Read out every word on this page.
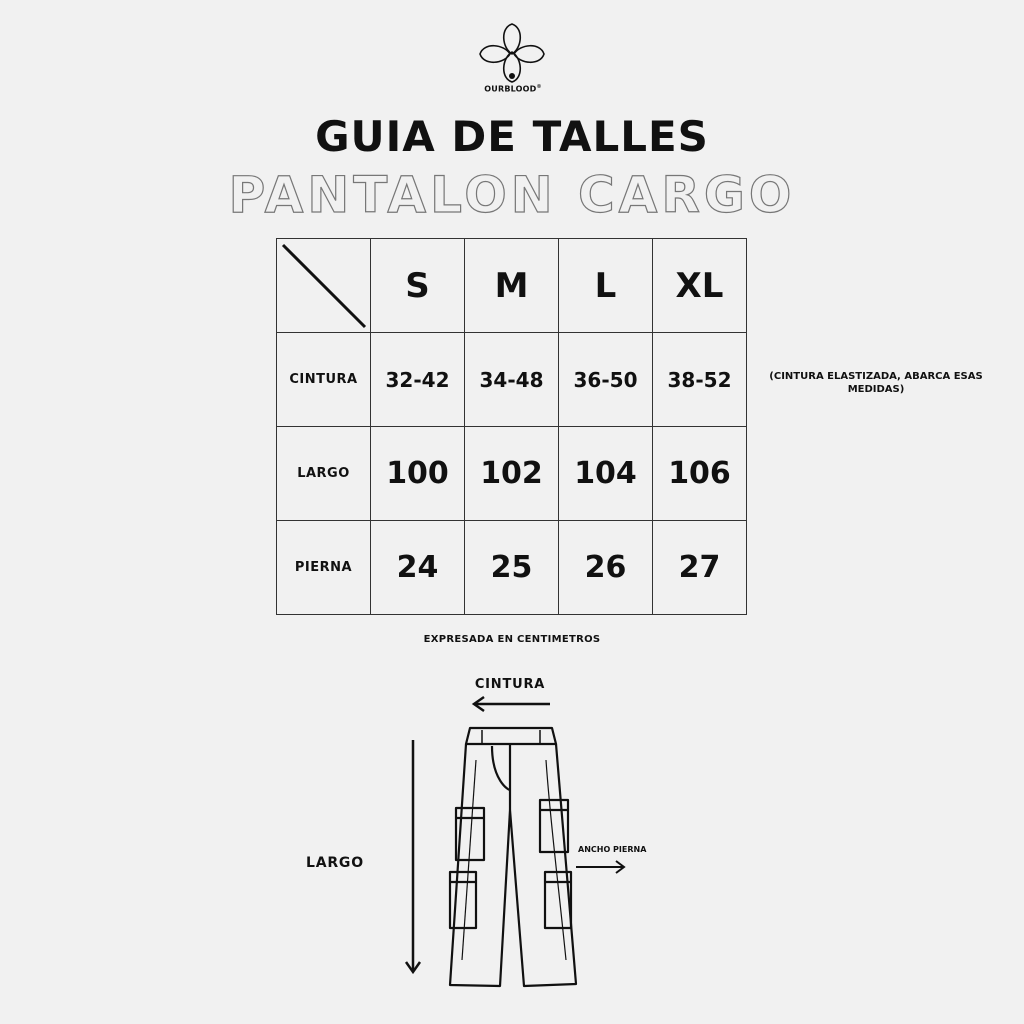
OURBLOOD®
GUIA DE TALLES
PANTALON CARGO
	S	M	L	XL
CINTURA	32-42	34-48	36-50	38-52
LARGO	100	102	104	106
PIERNA	24	25	26	27
(CINTURA ELASTIZADA, ABARCA ESAS MEDIDAS)
EXPRESADA EN CENTIMETROS
CINTURA
LARGO
ANCHO PIERNA
